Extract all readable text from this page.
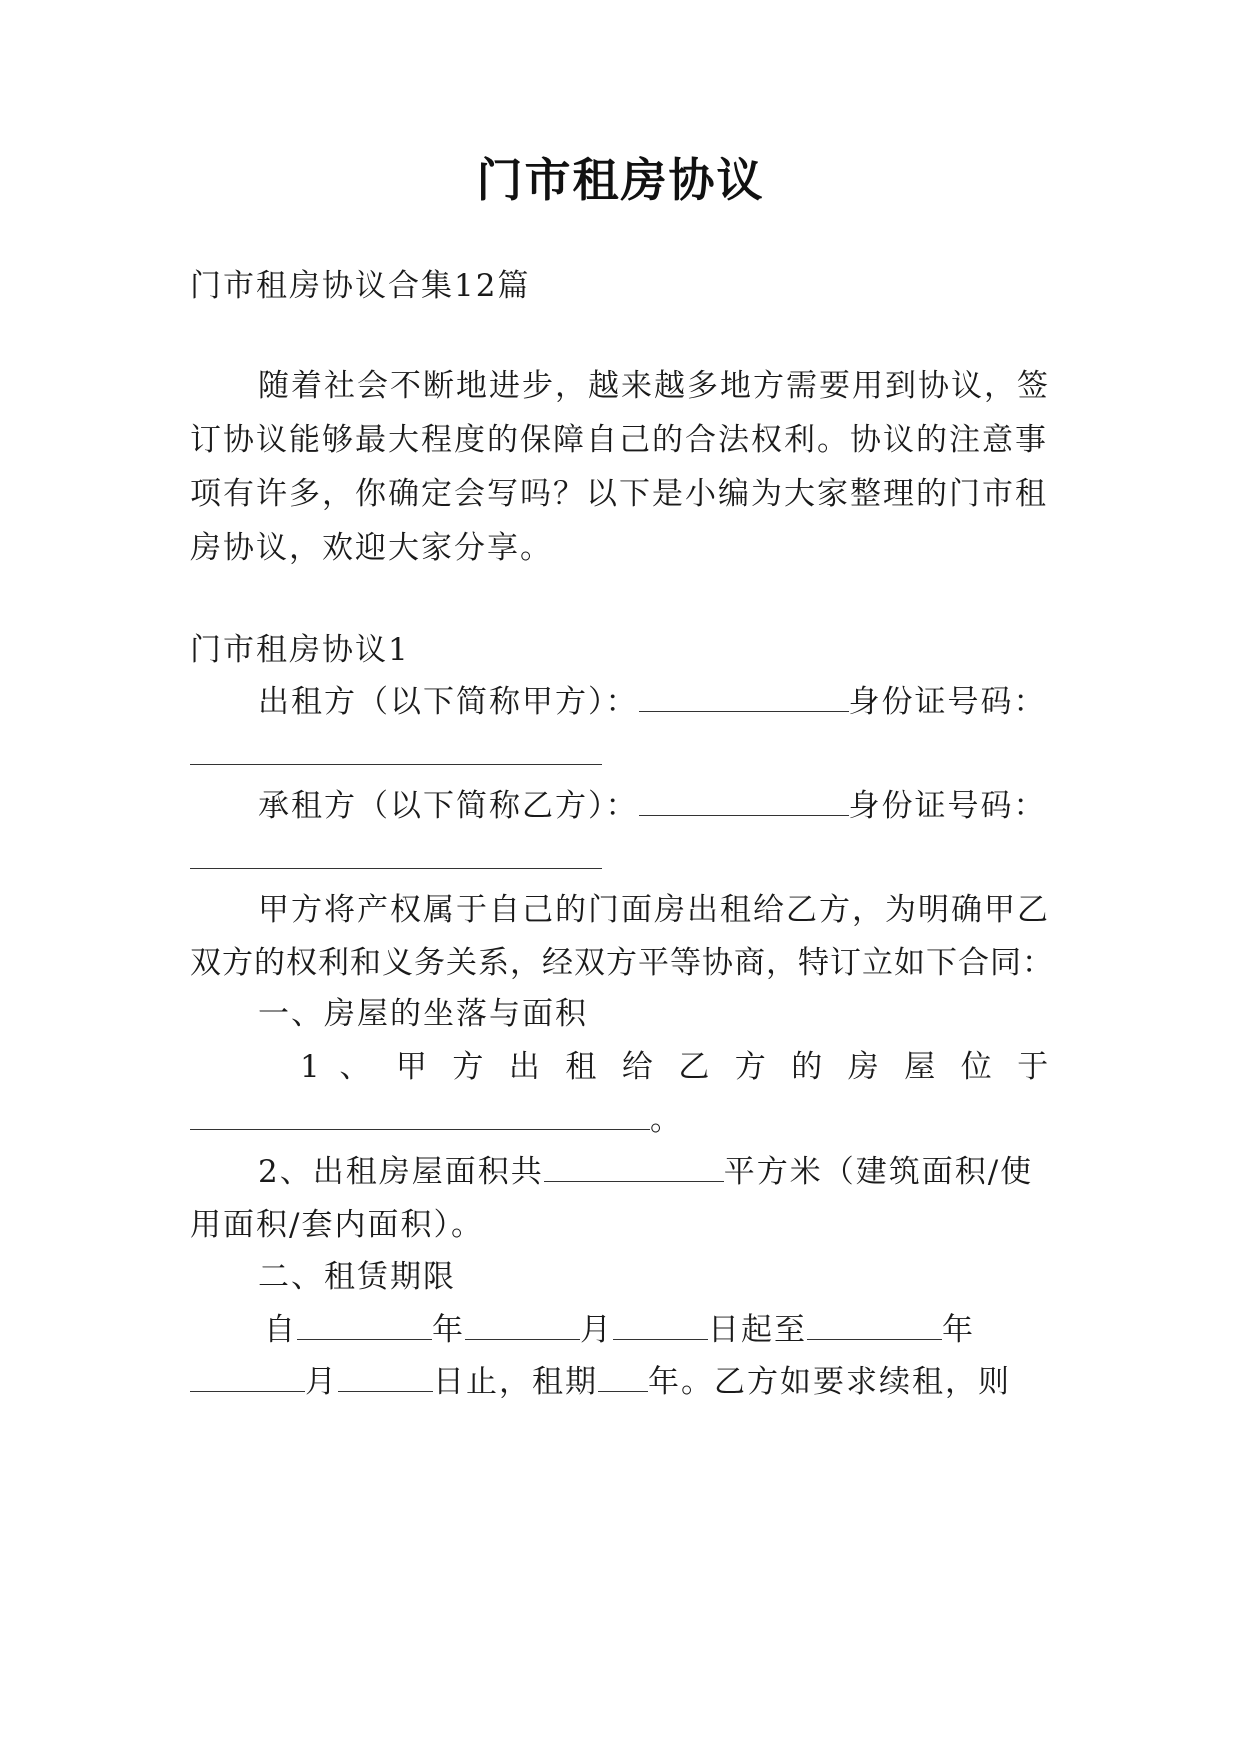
门市租房协议
门市租房协议合集12篇
随着社会不断地进步，越来越多地方需要用到协议，签
订协议能够最大程度的保障自己的合法权利。协议的注意事
项有许多，你确定会写吗？以下是小编为大家整理的门市租
房协议，欢迎大家分享。
门市租房协议1
出租方（以下简称甲方）：	身份证号码：
承租方（以下简称乙方）：	身份证号码：
甲方将产权属于自己的门面房出租给乙方，为明确甲乙
双方的权利和义务关系，经双方平等协商，特订立如下合同：
一、房屋的坐落与面积
1 、 甲 方 出 租 给 乙 方 的 房 屋 位 于
。
2、出租房屋面积共	平方米（建筑面积/使
用面积/套内面积）。
二、租赁期限
自	年	月	日起至	年
月	日止，租期 年。乙方如要求续租，则
